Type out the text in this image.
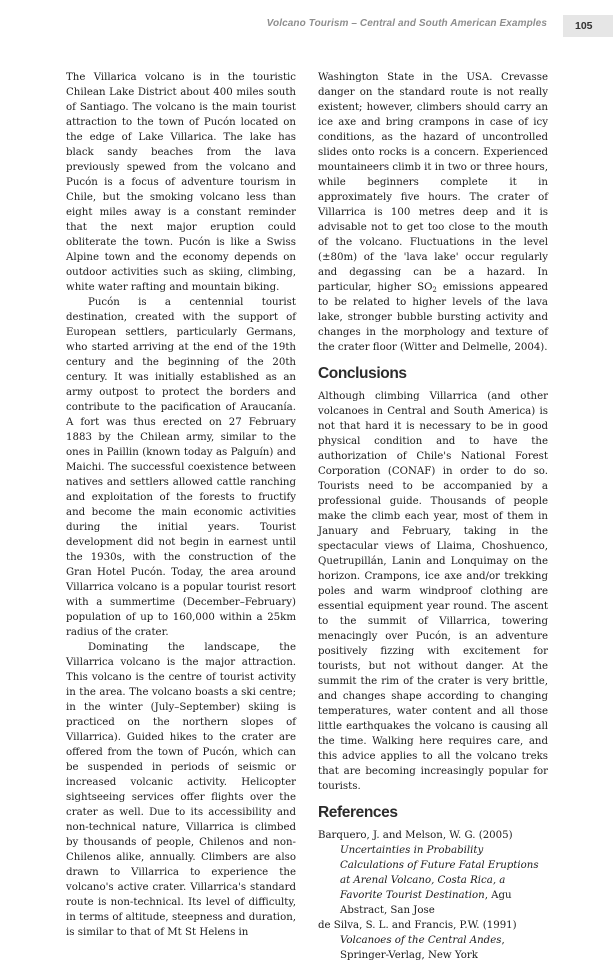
Volcano Tourism – Central and South American Examples	105

The Villarica volcano is in the touristic Chilean Lake District about 400 miles south of Santiago. The volcano is the main tourist attraction to the town of Pucón located on the edge of Lake Villarica. The lake has black sandy beaches from the lava previously spewed from the volcano and Pucón is a focus of adventure tourism in Chile, but the smoking volcano less than eight miles away is a constant reminder that the next major eruption could obliterate the town. Pucón is like a Swiss Alpine town and the economy depends on outdoor activities such as skiing, climbing, white water rafting and mountain biking.

Pucón is a centennial tourist destination, created with the support of European settlers, particularly Germans, who started arriving at the end of the 19th century and the beginning of the 20th century. It was initially established as an army outpost to protect the borders and contribute to the pacification of Araucanía. A fort was thus erected on 27 February 1883 by the Chilean army, similar to the ones in Paillin (known today as Palguín) and Maichi. The successful coexistence between natives and settlers allowed cattle ranching and exploitation of the forests to fructify and become the main economic activities during the initial years. Tourist development did not begin in earnest until the 1930s, with the construction of the Gran Hotel Pucón. Today, the area around Villarrica volcano is a popular tourist resort with a summertime (December–February) population of up to 160,000 within a 25km radius of the crater.

Dominating the landscape, the Villarrica volcano is the major attraction. This volcano is the centre of tourist activity in the area. The volcano boasts a ski centre; in the winter (July–September) skiing is practiced on the northern slopes of Villarrica). Guided hikes to the crater are offered from the town of Pucón, which can be suspended in periods of seismic or increased volcanic activity. Helicopter sightseeing services offer flights over the crater as well. Due to its accessibility and non-technical nature, Villarrica is climbed by thousands of people, Chilenos and non-Chilenos alike, annually. Climbers are also drawn to Villarrica to experience the volcano's active crater. Villarrica's standard route is non-technical. Its level of difficulty, in terms of altitude, steepness and duration, is similar to that of Mt St Helens in

Washington State in the USA. Crevasse danger on the standard route is not really existent; however, climbers should carry an ice axe and bring crampons in case of icy conditions, as the hazard of uncontrolled slides onto rocks is a concern. Experienced mountaineers climb it in two or three hours, while beginners complete it in approximately five hours. The crater of Villarrica is 100 metres deep and it is advisable not to get too close to the mouth of the volcano. Fluctuations in the level (±80m) of the 'lava lake' occur regularly and degassing can be a hazard. In particular, higher $SO_2$ emissions appeared to be related to higher levels of the lava lake, stronger bubble bursting activity and changes in the morphology and texture of the crater floor (Witter and Delmelle, 2004).

Conclusions

Although climbing Villarrica (and other volcanoes in Central and South America) is not that hard it is necessary to be in good physical condition and to have the authorization of Chile's National Forest Corporation (CONAF) in order to do so. Tourists need to be accompanied by a professional guide. Thousands of people make the climb each year, most of them in January and February, taking in the spectacular views of Llaima, Choshuenco, Quetrupillán, Lanin and Lonquimay on the horizon. Crampons, ice axe and/or trekking poles and warm windproof clothing are essential equipment year round. The ascent to the summit of Villarrica, towering menacingly over Pucón, is an adventure positively fizzing with excitement for tourists, but not without danger. At the summit the rim of the crater is very brittle, and changes shape according to changing temperatures, water content and all those little earthquakes the volcano is causing all the time. Walking here requires care, and this advice applies to all the volcano treks that are becoming increasingly popular for tourists.

References

Barquero, J. and Melson, W. G. (2005) Uncertainties in Probability Calculations of Future Fatal Eruptions at Arenal Volcano, Costa Rica, a Favorite Tourist Destination, Agu Abstract, San Jose

de Silva, S. L. and Francis, P.W. (1991) Volcanoes of the Central Andes, Springer-Verlag, New York
